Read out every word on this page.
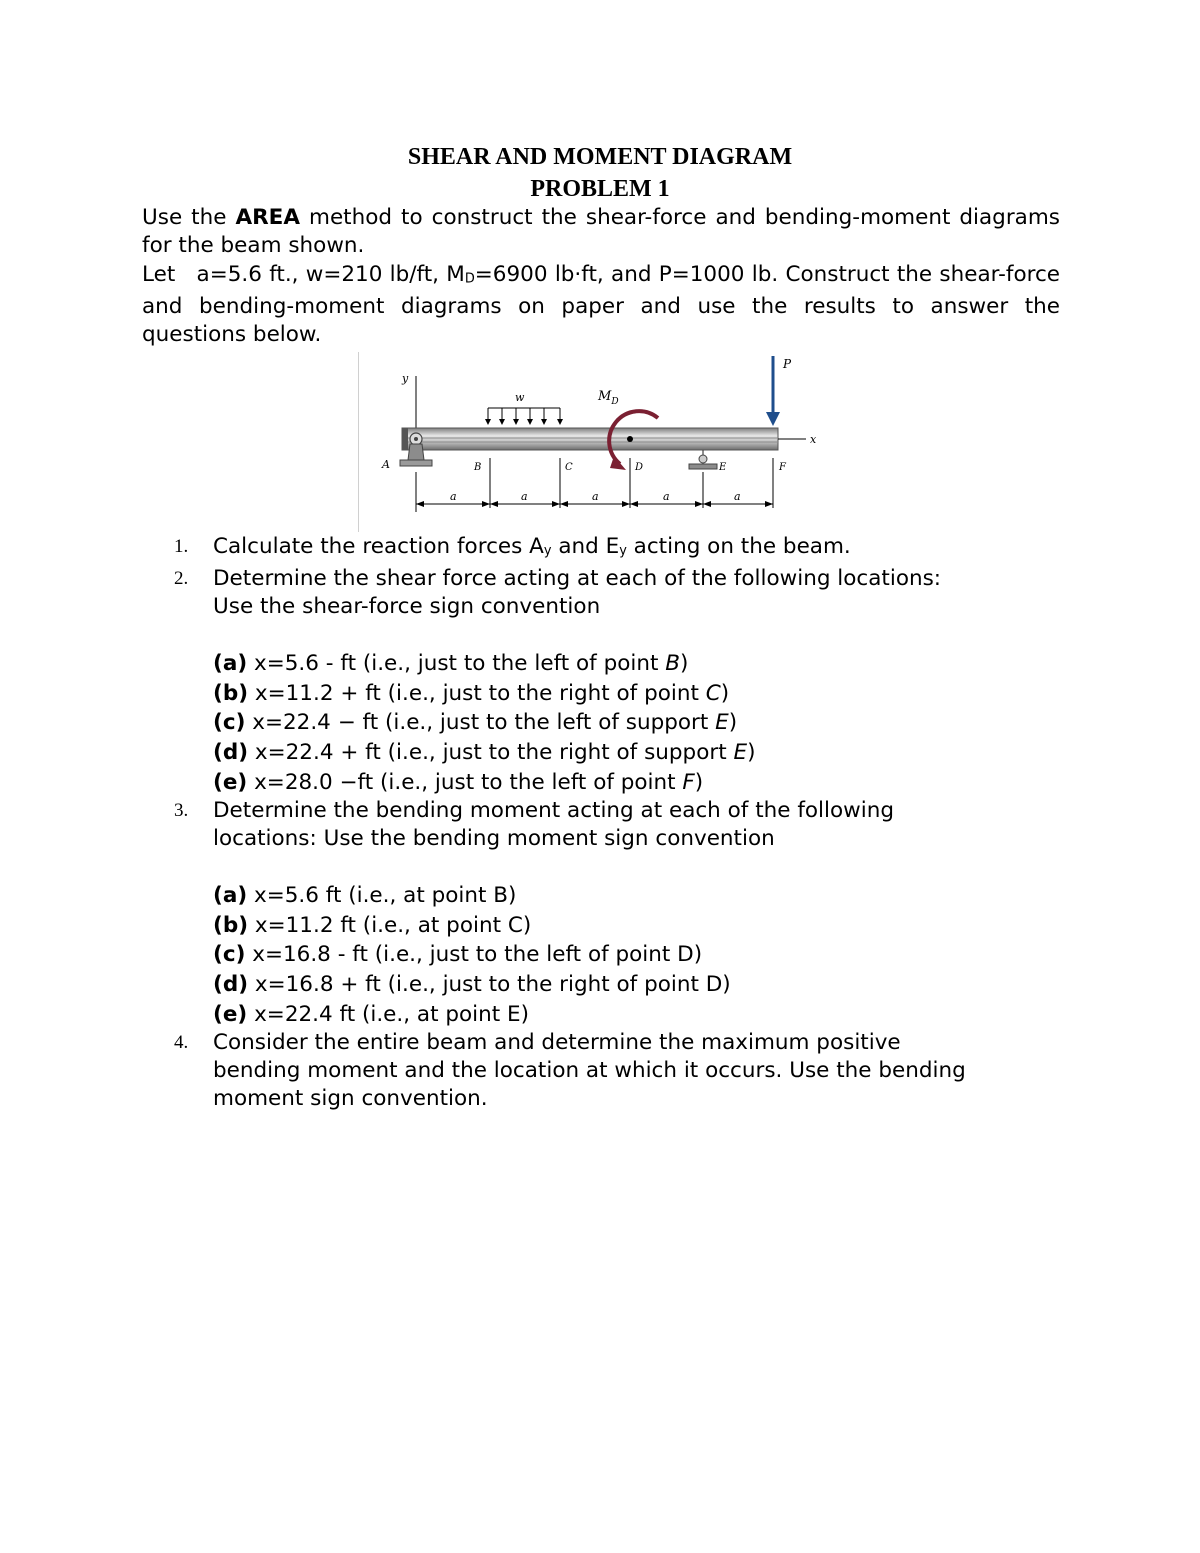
SHEAR AND MOMENT DIAGRAM
PROBLEM 1
Use the AREA method to construct the shear-force and bending-moment diagrams for the beam shown.
Let a=5.6 ft., w=210 lb/ft, $M_D=6900$ lb·ft, and P=1000 lb. Construct the shear-force and bending-moment diagrams on paper and use the results to answer the questions below.
y
x
A	E
w	$M_D$
P
B	C	D	F
a	a	a	a	a
1. Calculate the reaction forces $A_y$ and $E_y$ acting on the beam.
2. Determine the shear force acting at each of the following locations:
Use the shear-force sign convention
(a) x=5.6 - ft (i.e., just to the left of point B)
(b) x=11.2 + ft (i.e., just to the right of point C)
(c) x=22.4 − ft (i.e., just to the left of support E)
(d) x=22.4 + ft (i.e., just to the right of support E)
(e) x=28.0 −ft (i.e., just to the left of point F)
3. Determine the bending moment acting at each of the following
locations: Use the bending moment sign convention
(a) x=5.6 ft (i.e., at point B)
(b) x=11.2 ft (i.e., at point C)
(c) x=16.8 - ft (i.e., just to the left of point D)
(d) x=16.8 + ft (i.e., just to the right of point D)
(e) x=22.4 ft (i.e., at point E)
4. Consider the entire beam and determine the maximum positive
bending moment and the location at which it occurs. Use the bending
moment sign convention.
